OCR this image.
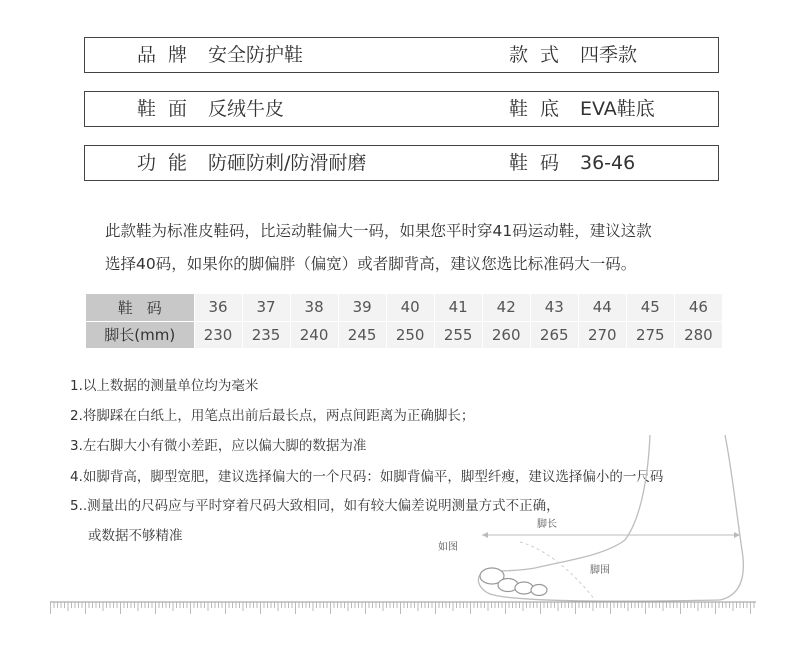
品牌 安全防护鞋	款式 四季款
鞋面 反绒牛皮	鞋底 EVA鞋底
功能 防砸防刺/防滑耐磨	鞋码 36-46
此款鞋为标准皮鞋码，比运动鞋偏大一码，如果您平时穿41码运动鞋，建议这款
选择40码，如果你的脚偏胖（偏宽）或者脚背高，建议您选比标准码大一码。
鞋码	36	37	38	39	40	41	42	43	44	45	46
脚长(mm)	230	235	240	245	250	255	260	265	270	275	280
1.以上数据的测量单位均为毫米
2.将脚踩在白纸上，用笔点出前后最长点，两点间距离为正确脚长；
3.左右脚大小有微小差距，应以偏大脚的数据为准
4.如脚背高，脚型宽肥，建议选择偏大的一个尺码：如脚背偏平，脚型纤瘦，建议选择偏小的一尺码
5..测量出的尺码应与平时穿着尺码大致相同，如有较大偏差说明测量方式不正确，
或数据不够精准
如图
脚长
脚围
